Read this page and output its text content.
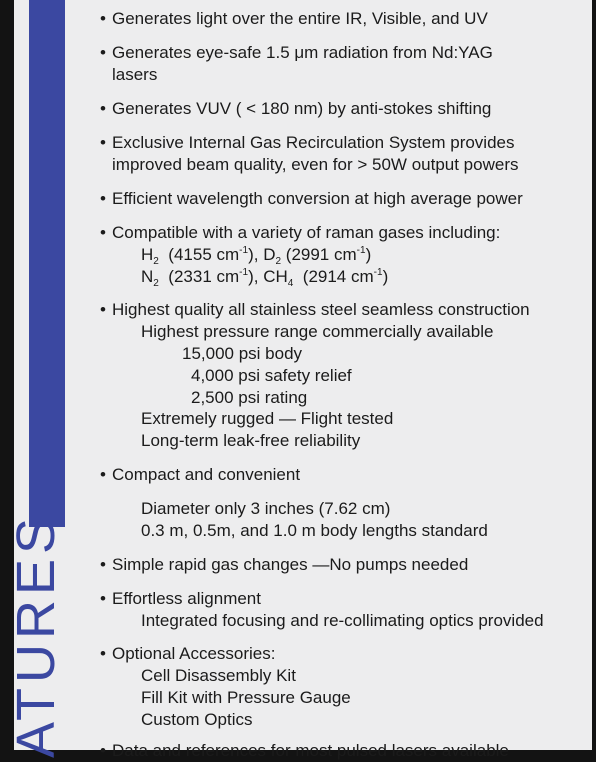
ATURES
• Generates light over the entire IR, Visible, and UV
• Generates eye-safe 1.5 μm radiation from Nd:YAG
lasers
• Generates VUV ( < 180 nm) by anti-stokes shifting
• Exclusive Internal Gas Recirculation System provides
improved beam quality, even for > 50W output powers
• Efficient wavelength conversion at high average power
• Compatible with a variety of raman gases including:
$H_2$ (4155 $cm^{-1}$), $D_2$ (2991 $cm^{-1}$)
$N_2$ (2331 $cm^{-1}$), $CH_4$ (2914 $cm^{-1}$)
• Highest quality all stainless steel seamless construction
Highest pressure range commercially available
15,000 psi body
4,000 psi safety relief
2,500 psi rating
Extremely rugged — Flight tested
Long-term leak-free reliability
• Compact and convenient
Diameter only 3 inches (7.62 cm)
0.3 m, 0.5m, and 1.0 m body lengths standard
• Simple rapid gas changes —No pumps needed
• Effortless alignment
Integrated focusing and re-collimating optics provided
• Optional Accessories:
Cell Disassembly Kit
Fill Kit with Pressure Gauge
Custom Optics
• Data and references for most pulsed lasers available
